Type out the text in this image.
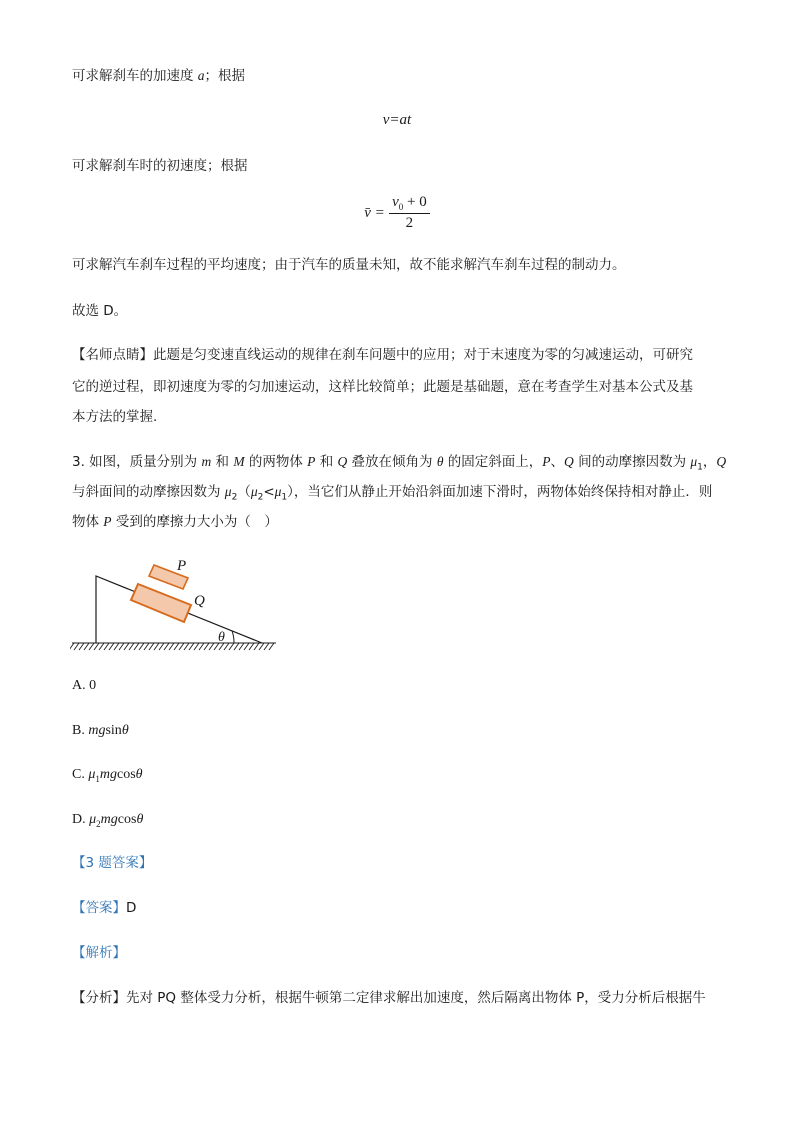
可求解刹车的加速度 a；根据
v=at
可求解刹车时的初速度；根据
v̄ = $\frac{v_0 + 0}{2}$
可求解汽车刹车过程的平均速度；由于汽车的质量未知，故不能求解汽车刹车过程的制动力。
故选 D。
【名师点睛】此题是匀变速直线运动的规律在刹车问题中的应用；对于末速度为零的匀减速运动，可研究
它的逆过程，即初速度为零的匀加速运动，这样比较简单；此题是基础题，意在考查学生对基本公式及基
本方法的掌握.
3. 如图，质量分别为 m 和 M 的两物体 P 和 Q 叠放在倾角为 θ 的固定斜面上，P、Q 间的动摩擦因数为 $\mu_1$，Q
与斜面间的动摩擦因数为 $\mu_2(\mu_2<\mu_1)$，当它们从静止开始沿斜面加速下滑时，两物体始终保持相对静止．则
物体 P 受到的摩擦力大小为（　）
P
Q
θ
A. 0
B. mgsinθ
C. $\mu_1mgcos\theta$
D. $\mu_2mgcos\theta$
【3 题答案】
【答案】D
【解析】
【分析】先对 PQ 整体受力分析，根据牛顿第二定律求解出加速度，然后隔离出物体 P，受力分析后根据牛
